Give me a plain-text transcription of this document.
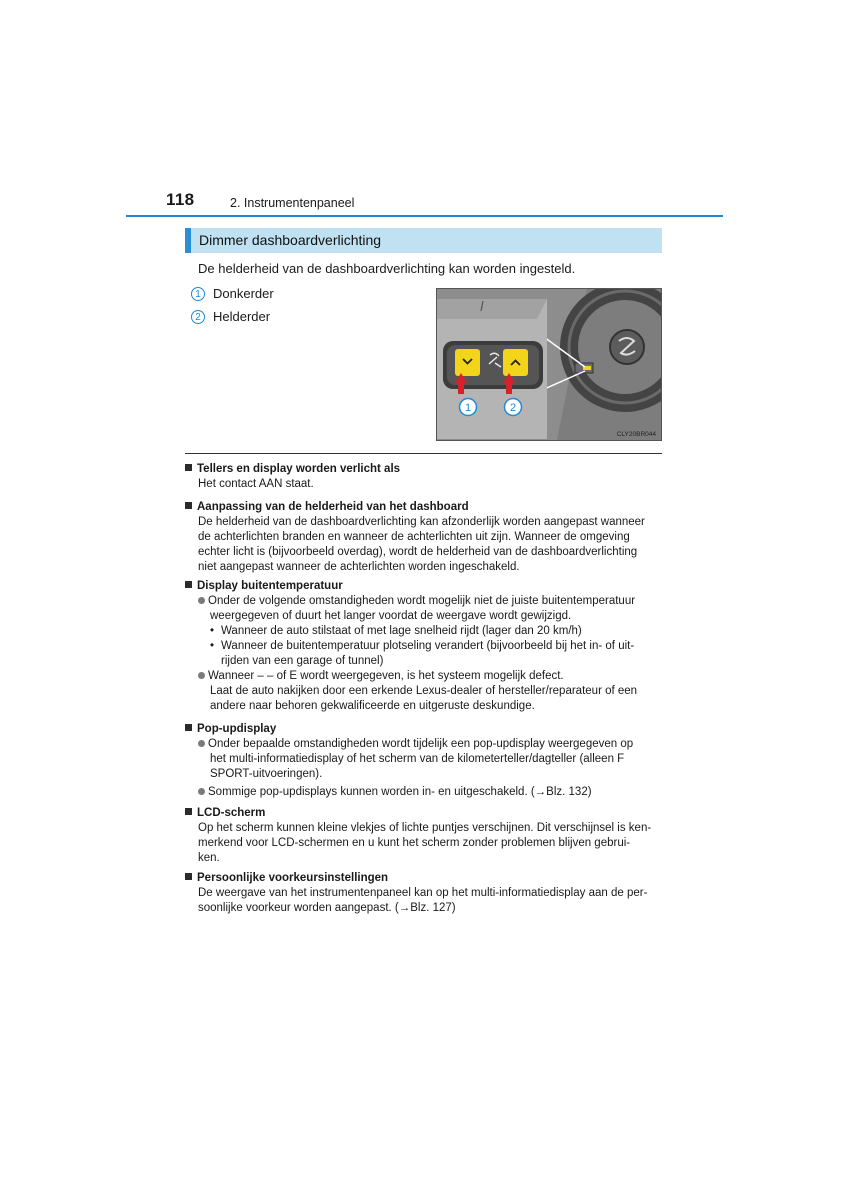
118	2. Instrumentenpaneel
Dimmer dashboardverlichting
De helderheid van de dashboardverlichting kan worden ingesteld.
1 Donkerder
2 Helderder
1	2
CLY20BR044
Tellers en display worden verlicht als
Het contact AAN staat.
Aanpassing van de helderheid van het dashboard
De helderheid van de dashboardverlichting kan afzonderlijk worden aangepast wanneer
de achterlichten branden en wanneer de achterlichten uit zijn. Wanneer de omgeving
echter licht is (bijvoorbeeld overdag), wordt de helderheid van de dashboardverlichting
niet aangepast wanneer de achterlichten worden ingeschakeld.
Display buitentemperatuur
Onder de volgende omstandigheden wordt mogelijk niet de juiste buitentemperatuur
weergegeven of duurt het langer voordat de weergave wordt gewijzigd.
• Wanneer de auto stilstaat of met lage snelheid rijdt (lager dan 20 km/h)
• Wanneer de buitentemperatuur plotseling verandert (bijvoorbeeld bij het in- of uit-
rijden van een garage of tunnel)
Wanneer – – of E wordt weergegeven, is het systeem mogelijk defect.
Laat de auto nakijken door een erkende Lexus-dealer of hersteller/reparateur of een
andere naar behoren gekwalificeerde en uitgeruste deskundige.
Pop-updisplay
Onder bepaalde omstandigheden wordt tijdelijk een pop-updisplay weergegeven op
het multi-informatiedisplay of het scherm van de kilometerteller/dagteller (alleen F
SPORT-uitvoeringen).
Sommige pop-updisplays kunnen worden in- en uitgeschakeld. (→Blz. 132)
LCD-scherm
Op het scherm kunnen kleine vlekjes of lichte puntjes verschijnen. Dit verschijnsel is ken-
merkend voor LCD-schermen en u kunt het scherm zonder problemen blijven gebrui-
ken.
Persoonlijke voorkeursinstellingen
De weergave van het instrumentenpaneel kan op het multi-informatiedisplay aan de per-
soonlijke voorkeur worden aangepast. (→Blz. 127)
